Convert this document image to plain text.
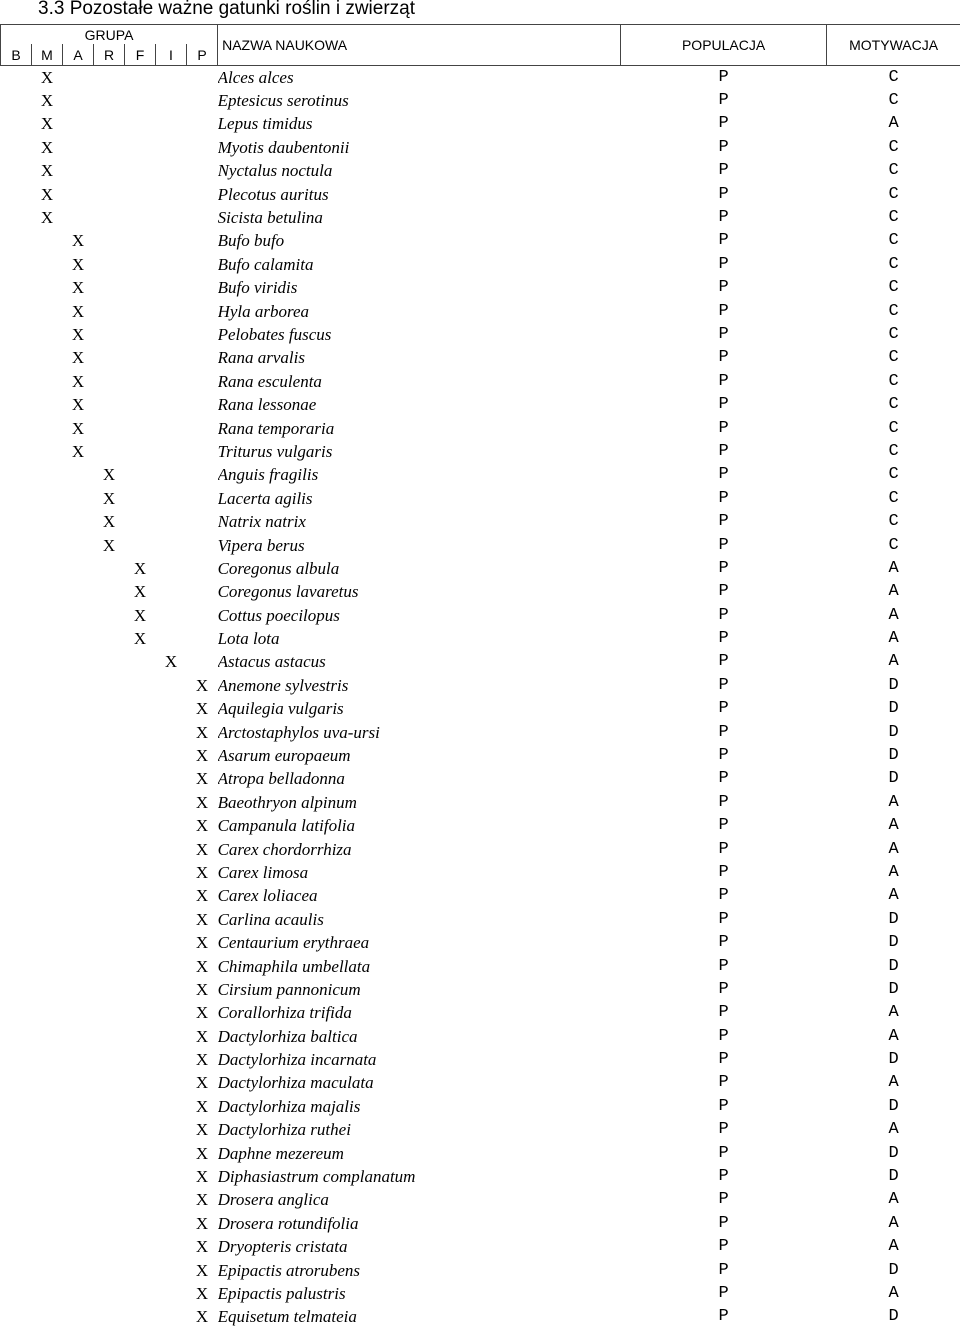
3.3 Pozostałe ważne gatunki roślin i zwierząt
GRUPA							NAZWA NAUKOWA	POPULACJA	MOTYWACJA
B	M	A	R	F	I	P			
	X						Alces alces	P	C
	X						Eptesicus serotinus	P	C
	X						Lepus timidus	P	A
	X						Myotis daubentonii	P	C
	X						Nyctalus noctula	P	C
	X						Plecotus auritus	P	C
	X						Sicista betulina	P	C
		X					Bufo bufo	P	C
		X					Bufo calamita	P	C
		X					Bufo viridis	P	C
		X					Hyla arborea	P	C
		X					Pelobates fuscus	P	C
		X					Rana arvalis	P	C
		X					Rana esculenta	P	C
		X					Rana lessonae	P	C
		X					Rana temporaria	P	C
		X					Triturus vulgaris	P	C
			X				Anguis fragilis	P	C
			X				Lacerta agilis	P	C
			X				Natrix natrix	P	C
			X				Vipera berus	P	C
				X			Coregonus albula	P	A
				X			Coregonus lavaretus	P	A
				X			Cottus poecilopus	P	A
				X			Lota lota	P	A
					X		Astacus astacus	P	A
						X	Anemone sylvestris	P	D
						X	Aquilegia vulgaris	P	D
						X	Arctostaphylos uva-ursi	P	D
						X	Asarum europaeum	P	D
						X	Atropa belladonna	P	D
						X	Baeothryon alpinum	P	A
						X	Campanula latifolia	P	A
						X	Carex chordorrhiza	P	A
						X	Carex limosa	P	A
						X	Carex loliacea	P	A
						X	Carlina acaulis	P	D
						X	Centaurium erythraea	P	D
						X	Chimaphila umbellata	P	D
						X	Cirsium pannonicum	P	D
						X	Corallorhiza trifida	P	A
						X	Dactylorhiza baltica	P	A
						X	Dactylorhiza incarnata	P	D
						X	Dactylorhiza maculata	P	A
						X	Dactylorhiza majalis	P	D
						X	Dactylorhiza ruthei	P	A
						X	Daphne mezereum	P	D
						X	Diphasiastrum complanatum	P	D
						X	Drosera anglica	P	A
						X	Drosera rotundifolia	P	A
						X	Dryopteris cristata	P	A
						X	Epipactis atrorubens	P	D
						X	Epipactis palustris	P	A
						X	Equisetum telmateia	P	D
